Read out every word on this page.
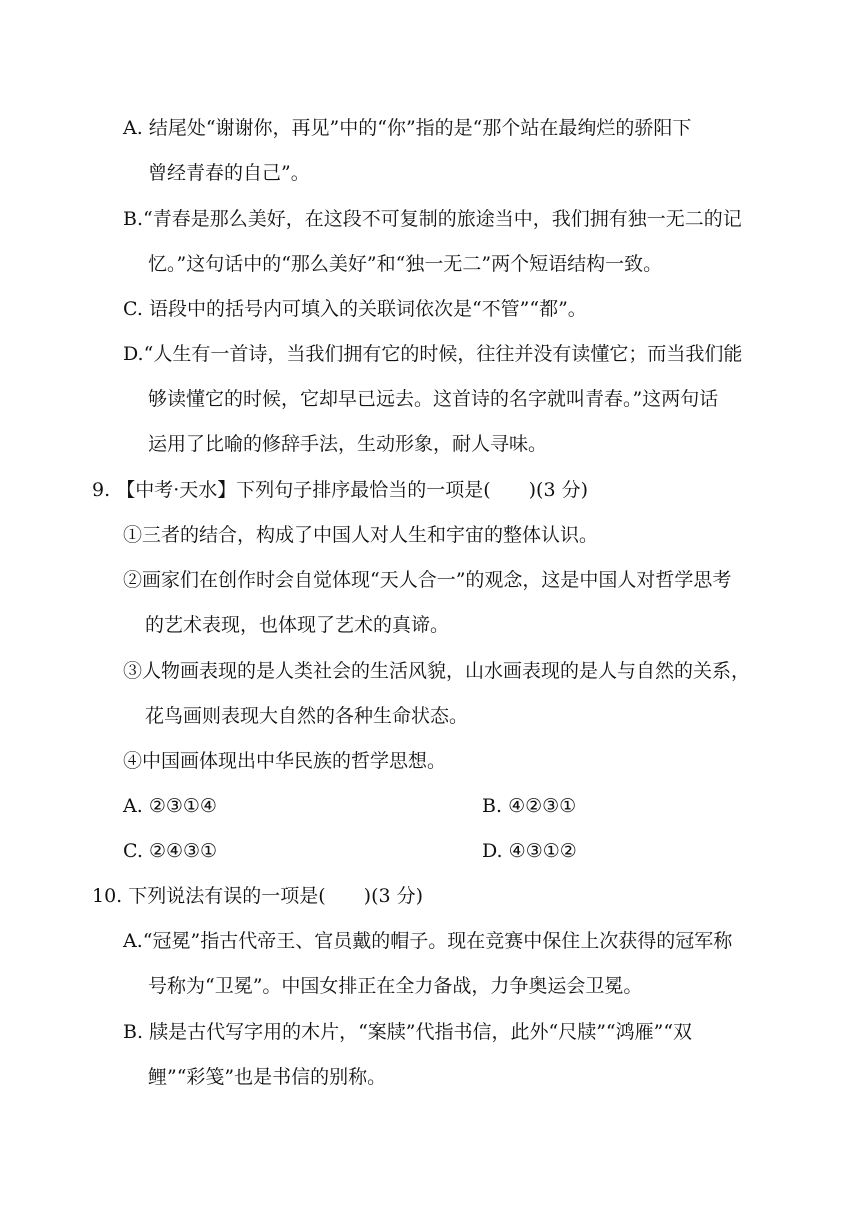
A. 结尾处“谢谢你，再见”中的“你”指的是“那个站在最绚烂的骄阳下
曾经青春的自己”。
B.“青春是那么美好，在这段不可复制的旅途当中，我们拥有独一无二的记
忆。”这句话中的“那么美好”和“独一无二”两个短语结构一致。
C. 语段中的括号内可填入的关联词依次是“不管”“都”。
D.“人生有一首诗，当我们拥有它的时候，往往并没有读懂它；而当我们能
够读懂它的时候，它却早已远去。这首诗的名字就叫青春。”这两句话
运用了比喻的修辞手法，生动形象，耐人寻味。
9. 【中考·天水】下列句子排序最恰当的一项是(　　)(3 分)
①三者的结合，构成了中国人对人生和宇宙的整体认识。
②画家们在创作时会自觉体现“天人合一”的观念，这是中国人对哲学思考
的艺术表现，也体现了艺术的真谛。
③人物画表现的是人类社会的生活风貌，山水画表现的是人与自然的关系，
花鸟画则表现大自然的各种生命状态。
④中国画体现出中华民族的哲学思想。
A. ②③①④	B. ④②③①
C. ②④③①	D. ④③①②
10. 下列说法有误的一项是(　　)(3 分)
A.“冠冕”指古代帝王、官员戴的帽子。现在竞赛中保住上次获得的冠军称
号称为“卫冕”。中国女排正在全力备战，力争奥运会卫冕。
B. 牍是古代写字用的木片，“案牍”代指书信，此外“尺牍”“鸿雁”“双
鲤”“彩笺”也是书信的别称。
